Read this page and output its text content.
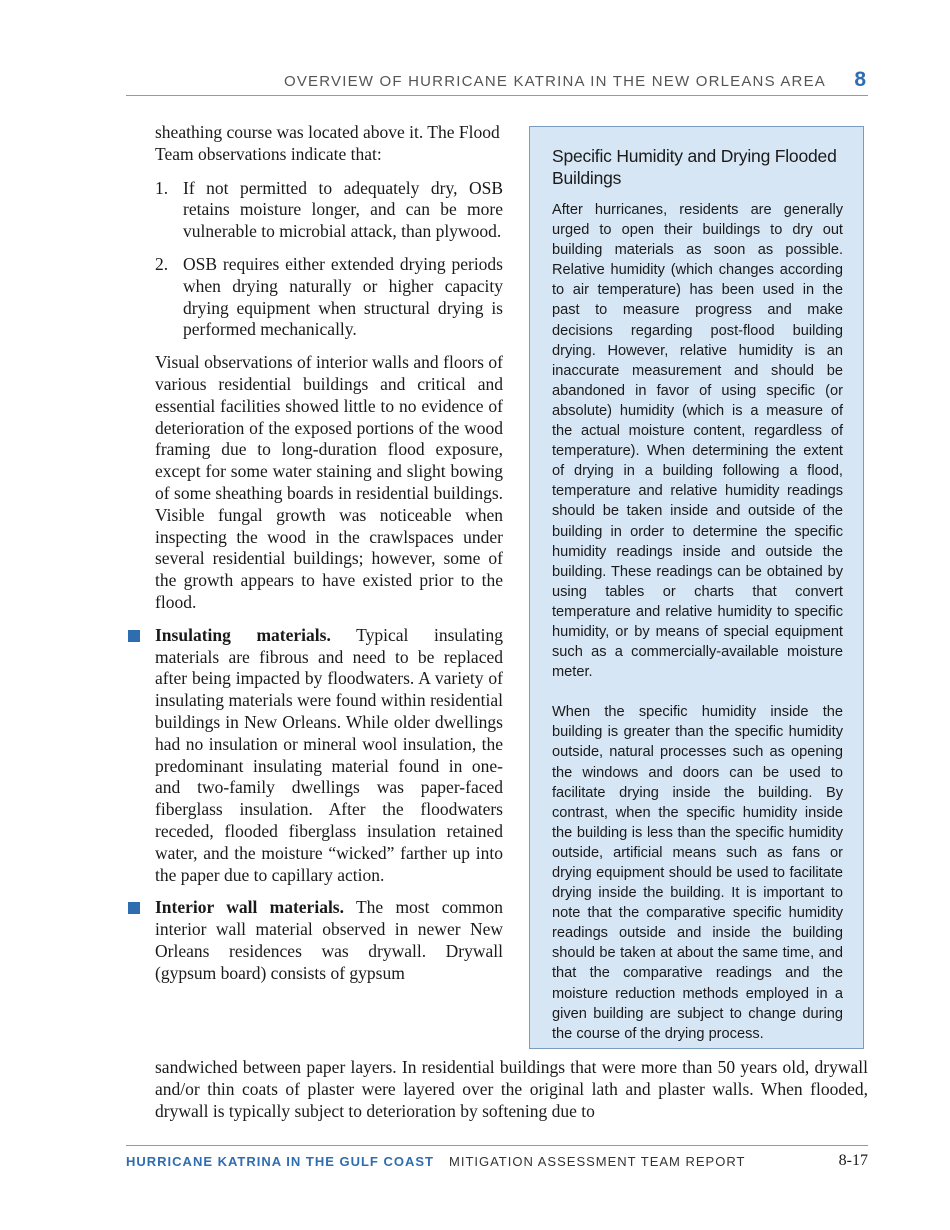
OVERVIEW OF HURRICANE KATRINA IN THE NEW ORLEANS AREA 8

sheathing course was located above it. The Flood Team observations indicate that:

1. If not permitted to adequately dry, OSB retains moisture longer, and can be more vulnerable to microbial attack, than plywood.
2. OSB requires either extended drying periods when drying naturally or higher capacity drying equipment when structural drying is performed mechanically.

Visual observations of interior walls and floors of various residential buildings and critical and essential facilities showed little to no evidence of deterioration of the exposed portions of the wood framing due to long-duration flood exposure, except for some water staining and slight bowing of some sheathing boards in residential buildings. Visible fungal growth was noticeable when inspecting the wood in the crawlspaces under several residential buildings; however, some of the growth appears to have existed prior to the flood.

Insulating materials. Typical insulating materials are fibrous and need to be replaced after being impacted by floodwaters. A variety of insulating materials were found within residential buildings in New Orleans. While older dwellings had no insulation or mineral wool insulation, the predominant insulating material found in one- and two-family dwellings was paper-faced fiberglass insulation. After the floodwaters receded, flooded fiberglass insulation retained water, and the moisture “wicked” farther up into the paper due to capillary action.

Interior wall materials. The most common interior wall material observed in newer New Orleans residences was drywall. Drywall (gypsum board) consists of gypsum

Specific Humidity and Drying Flooded Buildings

After hurricanes, residents are generally urged to open their buildings to dry out building materials as soon as possible. Relative humidity (which changes according to air temperature) has been used in the past to measure progress and make decisions regarding post-flood building drying. However, relative humidity is an inaccurate measurement and should be abandoned in favor of using specific (or absolute) humidity (which is a measure of the actual moisture content, regardless of temperature). When determining the extent of drying in a building following a flood, temperature and relative humidity readings should be taken inside and outside of the building in order to determine the specific humidity readings inside and outside the building. These readings can be obtained by using tables or charts that convert temperature and relative humidity to specific humidity, or by means of special equipment such as a commercially-available moisture meter.

When the specific humidity inside the building is greater than the specific humidity outside, natural processes such as opening the windows and doors can be used to facilitate drying inside the building. By contrast, when the specific humidity inside the building is less than the specific humidity outside, artificial means such as fans or drying equipment should be used to facilitate drying inside the building. It is important to note that the comparative specific humidity readings outside and inside the building should be taken at about the same time, and that the comparative readings and the moisture reduction methods employed in a given building are subject to change during the course of the drying process.

sandwiched between paper layers. In residential buildings that were more than 50 years old, drywall and/or thin coats of plaster were layered over the original lath and plaster walls. When flooded, drywall is typically subject to deterioration by softening due to
HURRICANE KATRINA IN THE GULF COAST MITIGATION ASSESSMENT TEAM REPORT	8-17
